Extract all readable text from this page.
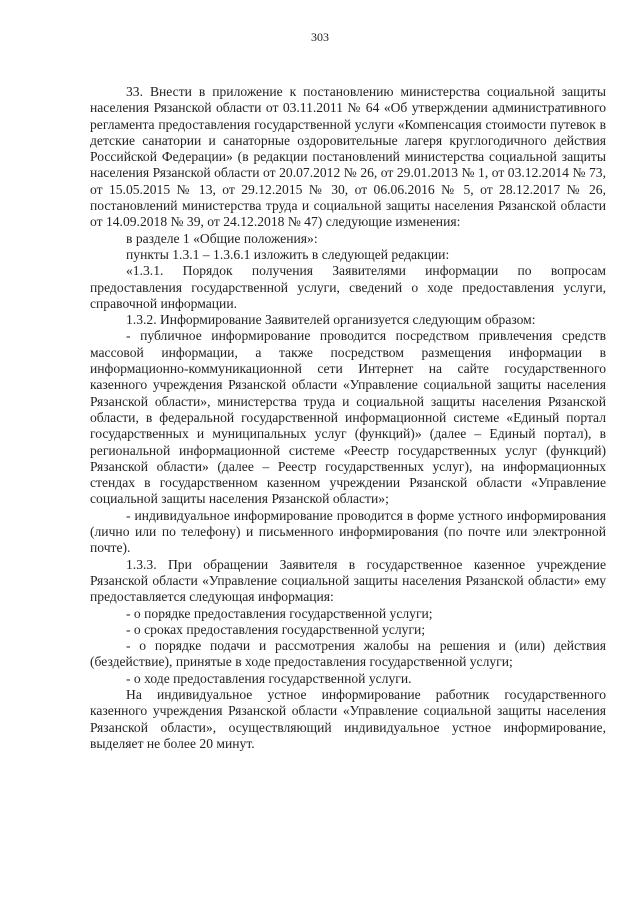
303

33. Внести в приложение к постановлению министерства социальной защиты населения Рязанской области от 03.11.2011 № 64 «Об утверждении административного регламента предоставления государственной услуги «Компенсация стоимости путевок в детские санатории и санаторные оздоровительные лагеря круглогодичного действия Российской Федерации» (в редакции постановлений министерства социальной защиты населения Рязанской области от 20.07.2012 № 26, от 29.01.2013 № 1, от 03.12.2014 № 73, от 15.05.2015 № 13, от 29.12.2015 № 30, от 06.06.2016 № 5, от 28.12.2017 № 26, постановлений министерства труда и социальной защиты населения Рязанской области от 14.09.2018 № 39, от 24.12.2018 № 47) следующие изменения:

в разделе 1 «Общие положения»:

пункты 1.3.1 – 1.3.6.1 изложить в следующей редакции:

«1.3.1. Порядок получения Заявителями информации по вопросам предоставления государственной услуги, сведений о ходе предоставления услуги, справочной информации.

1.3.2. Информирование Заявителей организуется следующим образом:

- публичное информирование проводится посредством привлечения средств массовой информации, а также посредством размещения информации в информационно-коммуникационной сети Интернет на сайте государственного казенного учреждения Рязанской области «Управление социальной защиты населения Рязанской области», министерства труда и социальной защиты населения Рязанской области, в федеральной государственной информационной системе «Единый портал государственных и муниципальных услуг (функций)» (далее – Единый портал), в региональной информационной системе «Реестр государственных услуг (функций) Рязанской области» (далее – Реестр государственных услуг), на информационных стендах в государственном казенном учреждении Рязанской области «Управление социальной защиты населения Рязанской области»;

- индивидуальное информирование проводится в форме устного информирования (лично или по телефону) и письменного информирования (по почте или электронной почте).

1.3.3. При обращении Заявителя в государственное казенное учреждение Рязанской области «Управление социальной защиты населения Рязанской области» ему предоставляется следующая информация:

- о порядке предоставления государственной услуги;

- о сроках предоставления государственной услуги;

- о порядке подачи и рассмотрения жалобы на решения и (или) действия (бездействие), принятые в ходе предоставления государственной услуги;

- о ходе предоставления государственной услуги.

На индивидуальное устное информирование работник государственного казенного учреждения Рязанской области «Управление социальной защиты населения Рязанской области», осуществляющий индивидуальное устное информирование, выделяет не более 20 минут.
